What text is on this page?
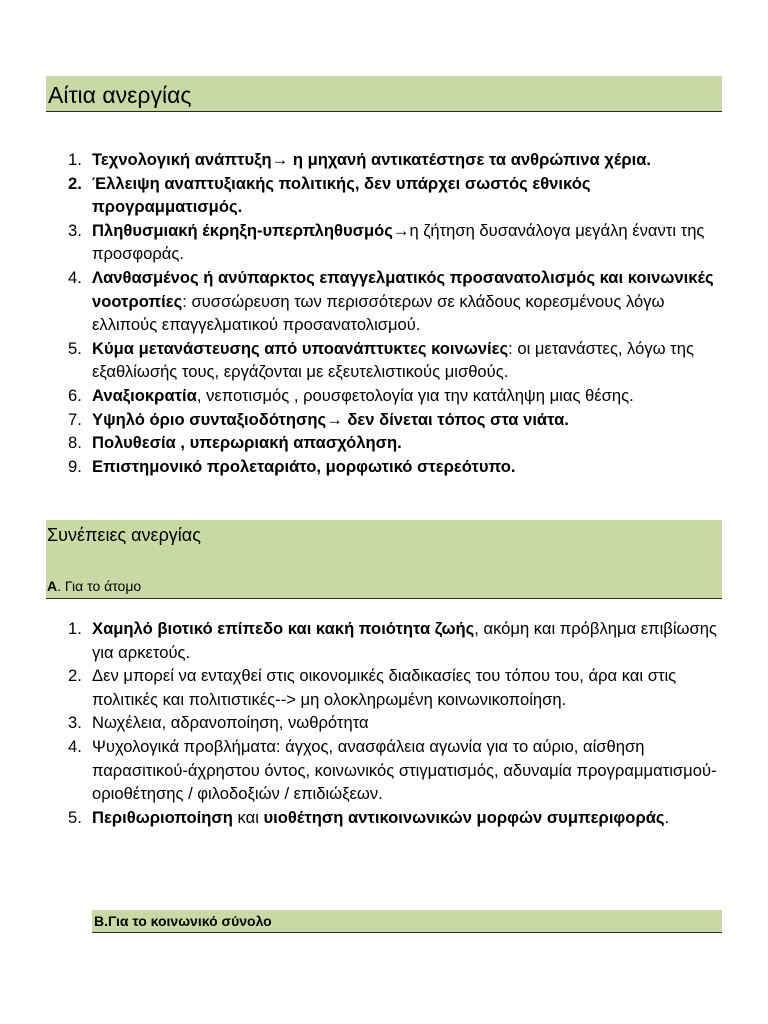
Αίτια ανεργίας
1. Τεχνολογική ανάπτυξη→ η μηχανή αντικατέστησε τα ανθρώπινα χέρια.
2. Έλλειψη αναπτυξιακής πολιτικής, δεν υπάρχει σωστός εθνικός προγραμματισμός.
3. Πληθυσμιακή έκρηξη-υπερπληθυσμός→η ζήτηση δυσανάλογα μεγάλη έναντι της προσφοράς.
4. Λανθασμένος ή ανύπαρκτος επαγγελματικός προσανατολισμός και κοινωνικές νοοτροπίες: συσσώρευση των περισσότερων σε κλάδους κορεσμένους λόγω ελλιπούς επαγγελματικού προσανατολισμού.
5. Κύμα μετανάστευσης από υποανάπτυκτες κοινωνίες: οι μετανάστες, λόγω της εξαθλίωσής τους, εργάζονται με εξευτελιστικούς μισθούς.
6. Αναξιοκρατία, νεποτισμός , ρουσφετολογία για την κατάληψη μιας θέσης.
7. Υψηλό όριο συνταξιοδότησης→ δεν δίνεται τόπος στα νιάτα.
8. Πολυθεσία , υπερωριακή απασχόληση.
9. Επιστημονικό προλεταριάτο, μορφωτικό στερεότυπο.
Συνέπειες ανεργίας
Α. Για το άτομο
1. Χαμηλό βιοτικό επίπεδο και κακή ποιότητα ζωής, ακόμη και πρόβλημα επιβίωσης για αρκετούς.
2. Δεν μπορεί να ενταχθεί στις οικονομικές διαδικασίες του τόπου του, άρα και στις πολιτικές και πολιτιστικές--> μη ολοκληρωμένη κοινωνικοποίηση.
3. Νωχέλεια, αδρανοποίηση, νωθρότητα
4. Ψυχολογικά προβλήματα: άγχος, ανασφάλεια αγωνία για το αύριο, αίσθηση παρασιτικού-άχρηστου όντος, κοινωνικός στιγματισμός, αδυναμία προγραμματισμού-οριοθέτησης / φιλοδοξιών / επιδιώξεων.
5. Περιθωριοποίηση και υιοθέτηση αντικοινωνικών μορφών συμπεριφοράς.
Β.Για το κοινωνικό σύνολο
